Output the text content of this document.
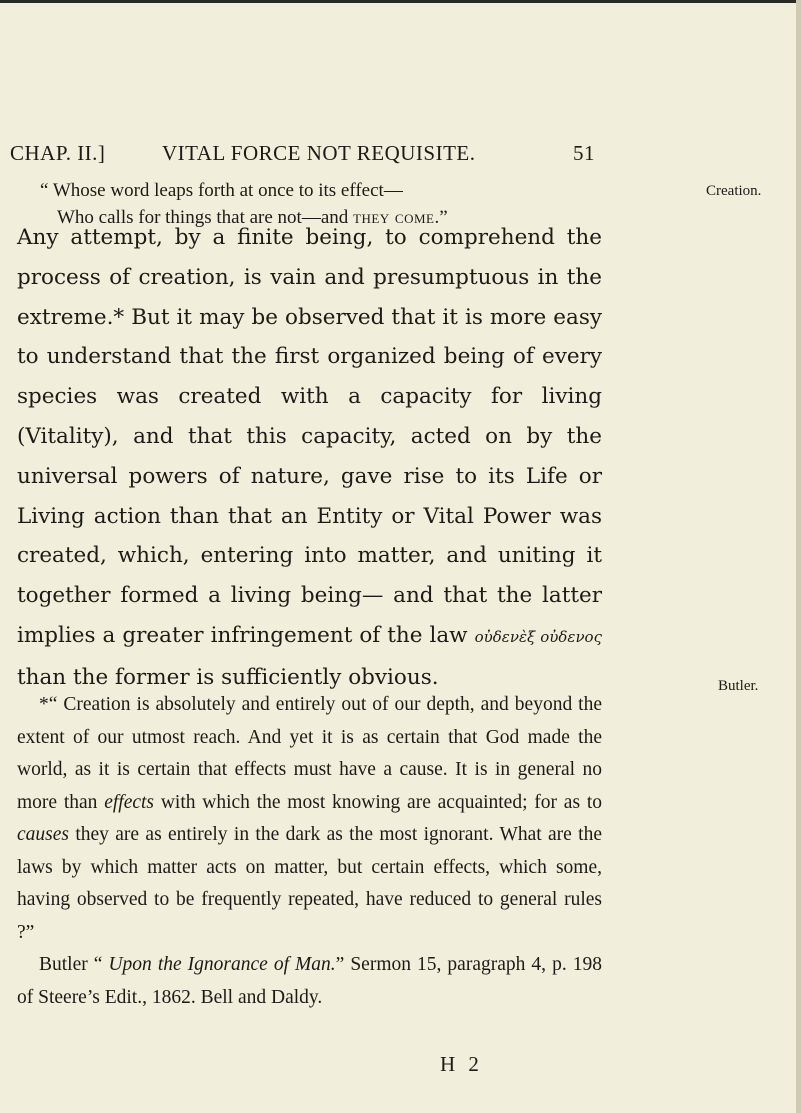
CHAP. II.]	VITAL FORCE NOT REQUISITE.	51
“ Whose word leaps forth at once to its effect—
Who calls for things that are not—and they come.”
Creation.
Butler.

Any attempt, by a finite being, to comprehend the process of creation, is vain and presumptuous in the extreme.* But it may be observed that it is more easy to understand that the first organized being of every species was created with a capacity for living (Vitality), and that this capacity, acted on by the universal powers of nature, gave rise to its Life or Living action than that an Entity or Vital Power was created, which, entering into matter, and uniting it together formed a living being— and that the latter implies a greater infringement of the law οὐδενὲξ οὐδενος than the former is sufficiently obvious.

*“ Creation is absolutely and entirely out of our depth, and beyond the extent of our utmost reach. And yet it is as certain that God made the world, as it is certain that effects must have a cause. It is in general no more than effects with which the most knowing are acquainted; for as to causes they are as entirely in the dark as the most ignorant. What are the laws by which matter acts on matter, but certain effects, which some, having observed to be frequently repeated, have reduced to general rules ?”

Butler “ Upon the Ignorance of Man.” Sermon 15, paragraph 4, p. 198 of Steere’s Edit., 1862. Bell and Daldy.

H 2
